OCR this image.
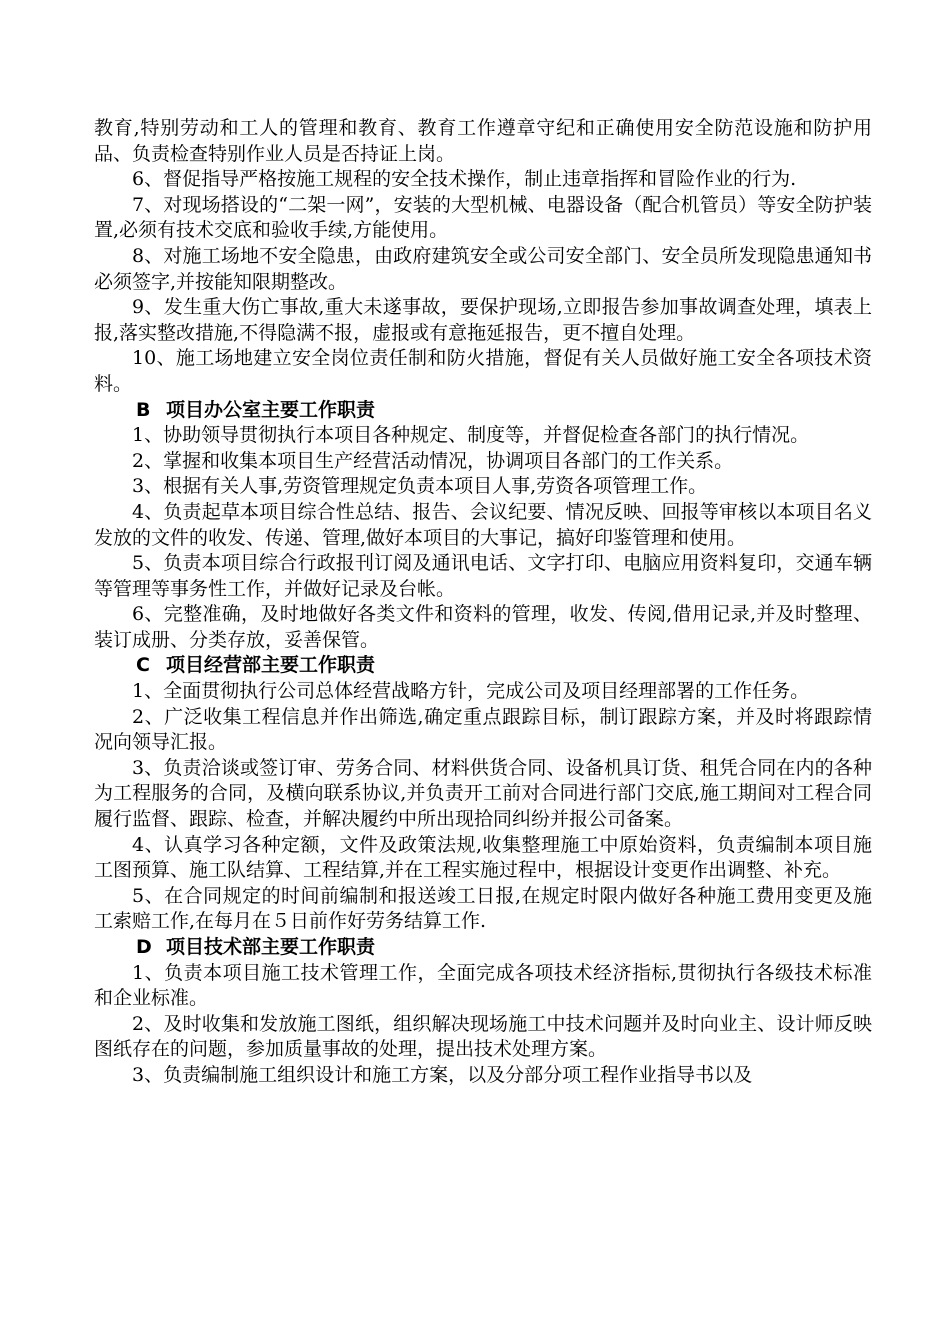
教育,特别劳动和工人的管理和教育、教育工作遵章守纪和正确使用安全防范设施和防护用品、负责检查特别作业人员是否持证上岗。

6、督促指导严格按施工规程的安全技术操作，制止违章指挥和冒险作业的行为.

7、对现场搭设的“二架一网”，安装的大型机械、电器设备（配合机管员）等安全防护装置,必须有技术交底和验收手续,方能使用。

8、对施工场地不安全隐患，由政府建筑安全或公司安全部门、安全员所发现隐患通知书必须签字,并按能知限期整改。

9、发生重大伤亡事故,重大未遂事故，要保护现场,立即报告参加事故调查处理，填表上报,落实整改措施,不得隐满不报，虚报或有意拖延报告，更不擅自处理。

10、施工场地建立安全岗位责任制和防火措施，督促有关人员做好施工安全各项技术资料。

B 项目办公室主要工作职责

1、协助领导贯彻执行本项目各种规定、制度等，并督促检查各部门的执行情况。

2、掌握和收集本项目生产经营活动情况，协调项目各部门的工作关系。

3、根据有关人事,劳资管理规定负责本项目人事,劳资各项管理工作。

4、负责起草本项目综合性总结、报告、会议纪要、情况反映、回报等审核以本项目名义发放的文件的收发、传递、管理,做好本项目的大事记，搞好印鉴管理和使用。

5、负责本项目综合行政报刊订阅及通讯电话、文字打印、电脑应用资料复印，交通车辆等管理等事务性工作，并做好记录及台帐。

6、完整准确，及时地做好各类文件和资料的管理，收发、传阅,借用记录,并及时整理、装订成册、分类存放，妥善保管。

C 项目经营部主要工作职责

1、全面贯彻执行公司总体经营战略方针，完成公司及项目经理部署的工作任务。

2、广泛收集工程信息并作出筛选,确定重点跟踪目标，制订跟踪方案，并及时将跟踪情况向领导汇报。

3、负责洽谈或签订审、劳务合同、材料供货合同、设备机具订货、租凭合同在内的各种为工程服务的合同，及横向联系协议,并负责开工前对合同进行部门交底,施工期间对工程合同履行监督、跟踪、检查，并解决履约中所出现拾同纠纷并报公司备案。

4、认真学习各种定额，文件及政策法规,收集整理施工中原始资料，负责编制本项目施工图预算、施工队结算、工程结算,并在工程实施过程中，根据设计变更作出调整、补充。

5、在合同规定的时间前编制和报送竣工日报,在规定时限内做好各种施工费用变更及施工索赔工作,在每月在５日前作好劳务结算工作.

D 项目技术部主要工作职责

1、负责本项目施工技术管理工作，全面完成各项技术经济指标,贯彻执行各级技术标准和企业标准。

2、及时收集和发放施工图纸，组织解决现场施工中技术问题并及时向业主、设计师反映图纸存在的问题，参加质量事故的处理，提出技术处理方案。

3、负责编制施工组织设计和施工方案，以及分部分项工程作业指导书以及
